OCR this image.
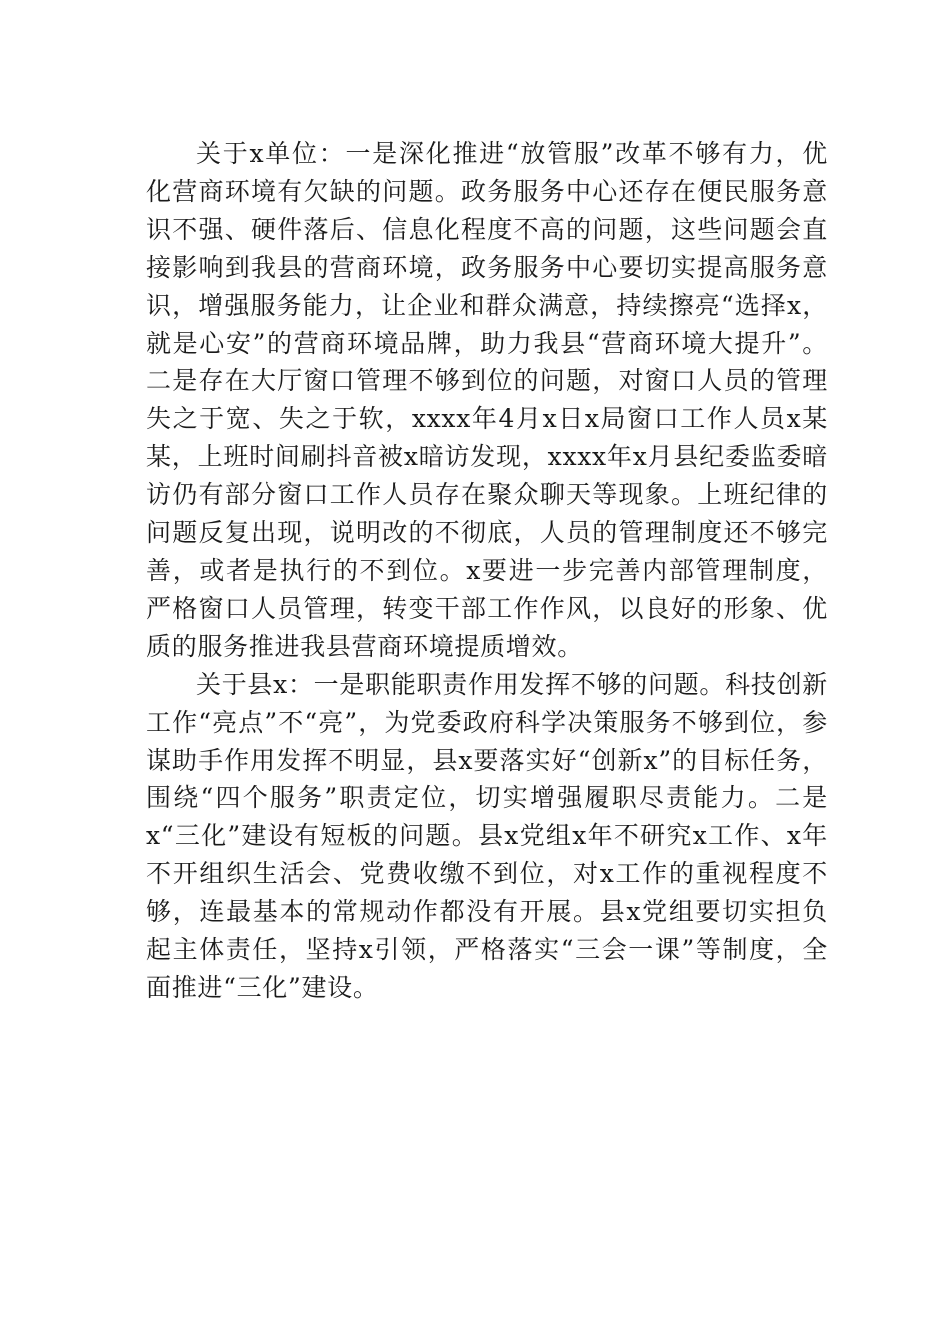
关于x单位：一是深化推进“放管服”改革不够有力，优化营商环境有欠缺的问题。政务服务中心还存在便民服务意识不强、硬件落后、信息化程度不高的问题，这些问题会直接影响到我县的营商环境，政务服务中心要切实提高服务意识，增强服务能力，让企业和群众满意，持续擦亮“选择x，就是心安”的营商环境品牌，助力我县“营商环境大提升”。二是存在大厅窗口管理不够到位的问题，对窗口人员的管理失之于宽、失之于软，xxxx年4月x日x局窗口工作人员x某某，上班时间刷抖音被x暗访发现，xxxx年x月县纪委监委暗访仍有部分窗口工作人员存在聚众聊天等现象。上班纪律的问题反复出现，说明改的不彻底，人员的管理制度还不够完善，或者是执行的不到位。x要进一步完善内部管理制度，严格窗口人员管理，转变干部工作作风，以良好的形象、优质的服务推进我县营商环境提质增效。

关于县x：一是职能职责作用发挥不够的问题。科技创新工作“亮点”不“亮”，为党委政府科学决策服务不够到位，参谋助手作用发挥不明显，县x要落实好“创新x”的目标任务，围绕“四个服务”职责定位，切实增强履职尽责能力。二是x“三化”建设有短板的问题。县x党组x年不研究x工作、x年不开组织生活会、党费收缴不到位，对x工作的重视程度不够，连最基本的常规动作都没有开展。县x党组要切实担负起主体责任，坚持x引领，严格落实“三会一课”等制度，全面推进“三化”建设。
